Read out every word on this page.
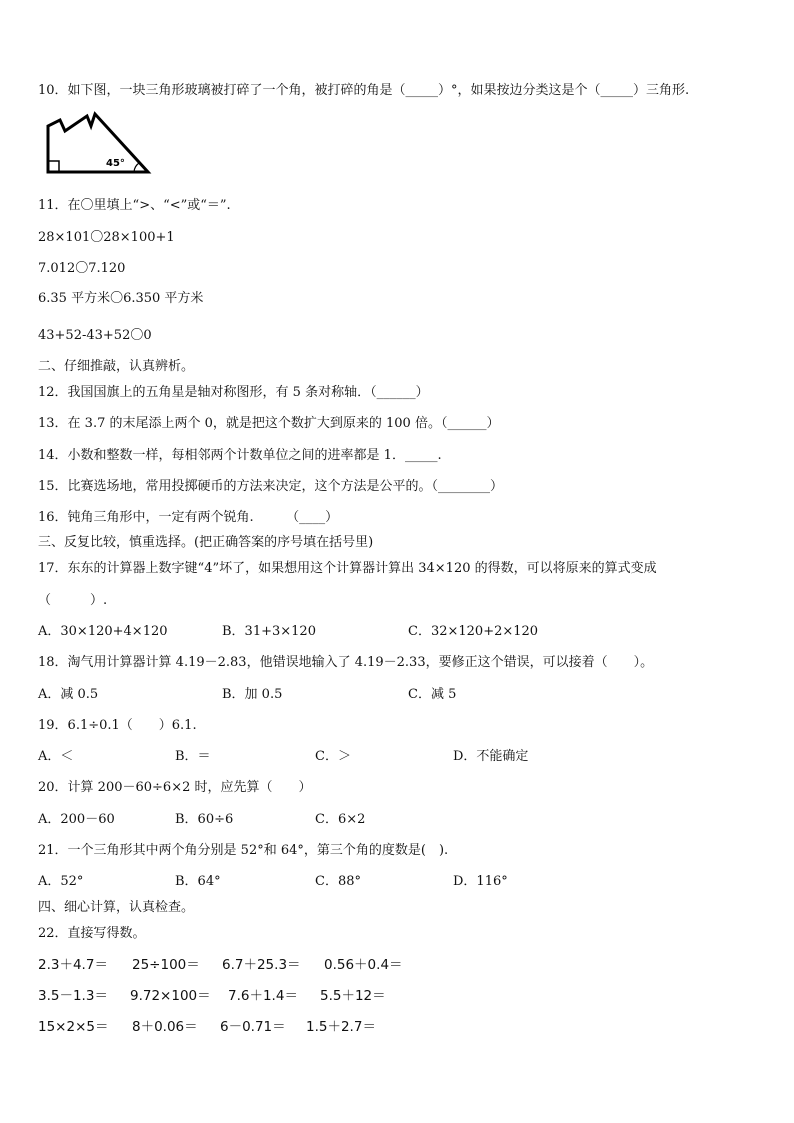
10．如下图，一块三角形玻璃被打碎了一个角，被打碎的角是（_____）°，如果按边分类这是个（_____）三角形.
45°
11．在〇里填上“>、“<”或“＝”.
28×101〇28×100+1
7.012〇7.120
6.35 平方米〇6.350 平方米
43+52-43+52〇0
二、仔细推敲，认真辨析。
12．我国国旗上的五角星是轴对称图形，有 5 条对称轴．（______）
13．在 3.7 的末尾添上两个 0，就是把这个数扩大到原来的 100 倍。（______）
14．小数和整数一样，每相邻两个计数单位之间的进率都是 1．_____.
15．比赛选场地，常用投掷硬币的方法来决定，这个方法是公平的。（________）
16．钝角三角形中，一定有两个锐角.　　　（____）
三、反复比较，慎重选择。(把正确答案的序号填在括号里)
17．东东的计算器上数字键“4”坏了，如果想用这个计算器计算出 34×120 的得数，可以将原来的算式变成
（　　　）.
A．30×120+4×120	B．31+3×120	C．32×120+2×120
18．淘气用计算器计算 4.19－2.83，他错误地输入了 4.19－2.33，要修正这个错误，可以接着（　　）。
A．减 0.5	B．加 0.5	C．减 5
19．6.1÷0.1（　　）6.1.
A．＜	B．＝	C．＞	D．不能确定
20．计算 200－60÷6×2 时，应先算（　　）
A．200－60	B．60÷6	C．6×2
21．一个三角形其中两个角分别是 52°和 64°，第三个角的度数是(　).
A．52°	B．64°	C．88°	D．116°
四、细心计算，认真检查。
22．直接写得数。
2.3＋4.7＝ 25÷100＝ 6.7＋25.3＝ 0.56＋0.4＝
3.5－1.3＝ 9.72×100＝ 7.6＋1.4＝ 5.5＋12＝
15×2×5＝ 8＋0.06＝ 6－0.71＝ 1.5＋2.7＝
